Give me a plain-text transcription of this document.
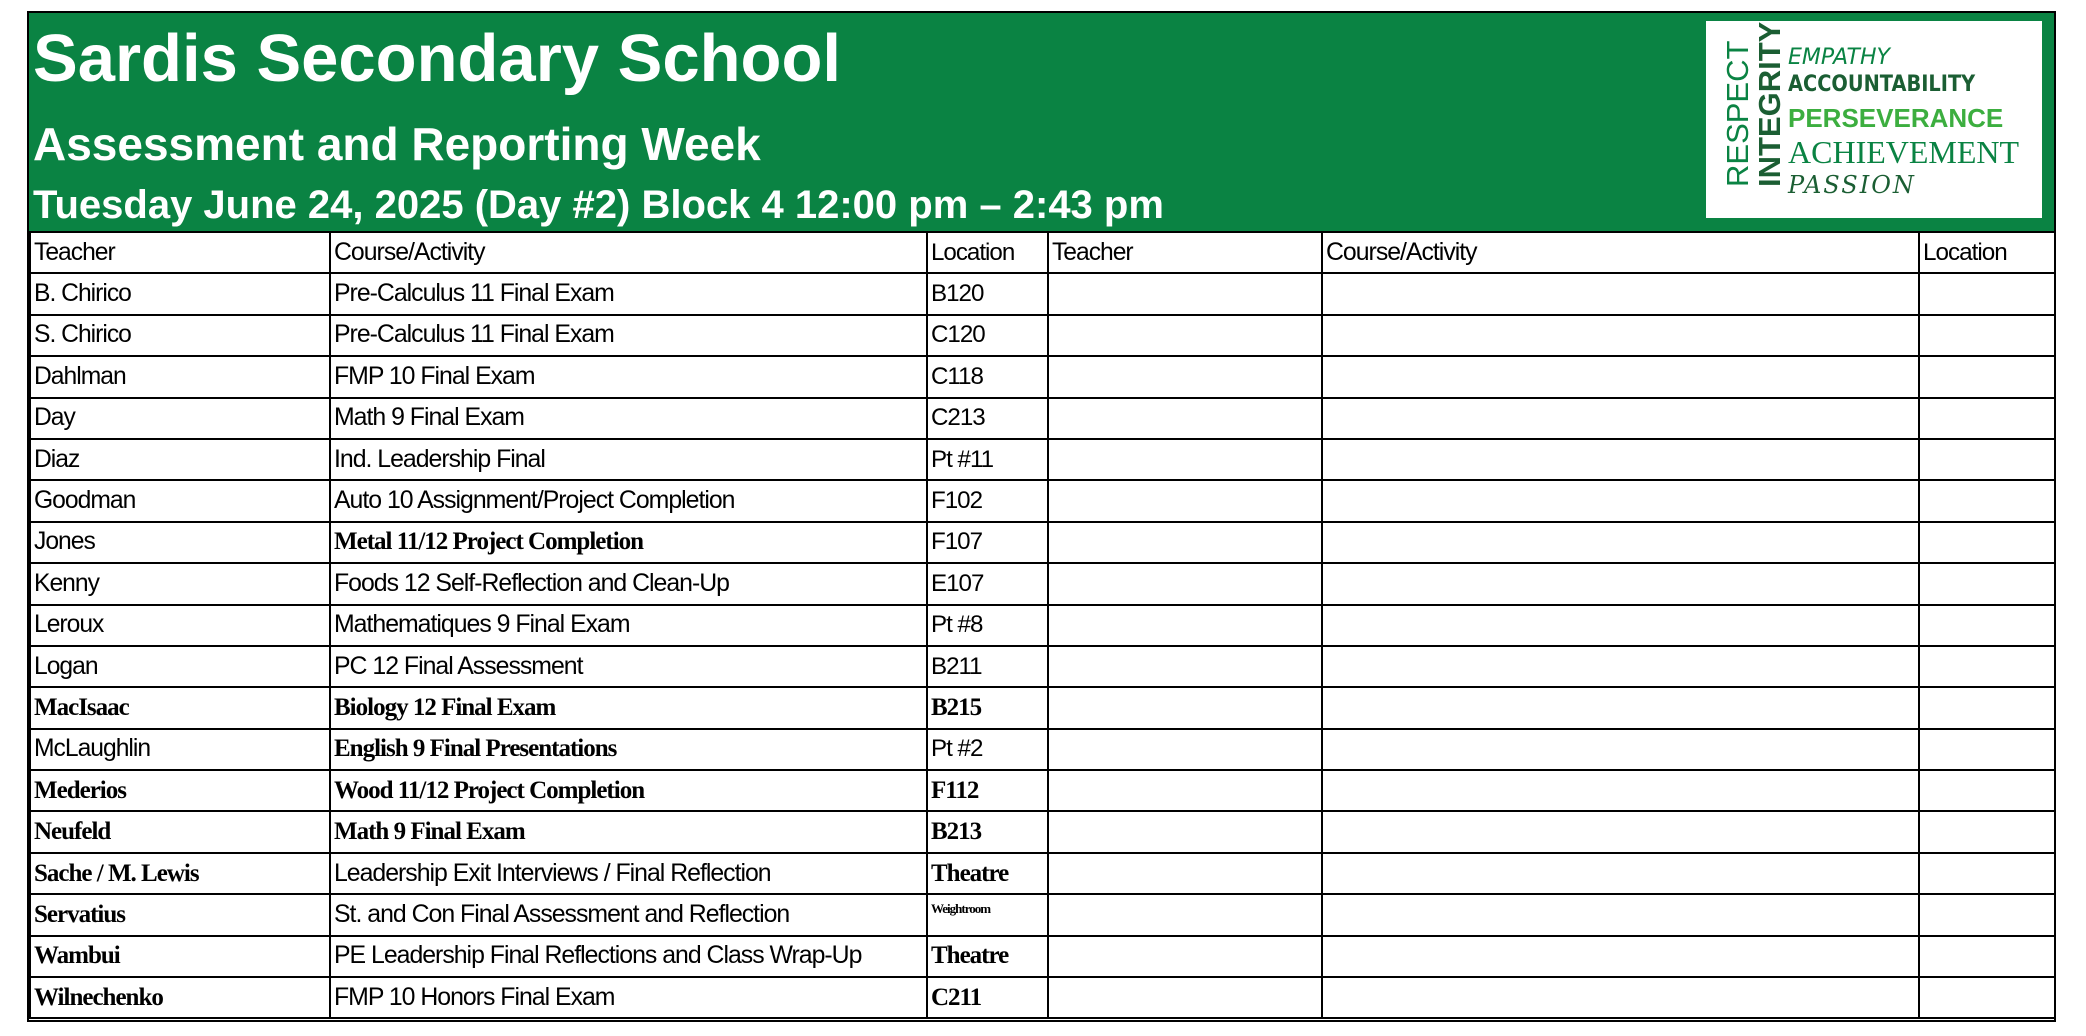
Sardis Secondary School
Assessment and Reporting Week
Tuesday June 24, 2025 (Day #2) Block 4 12:00 pm – 2:43 pm
RESPECT
INTEGRITY EMPATHY
ACCOUNTABILITY
PERSEVERANCE
ACHIEVEMENT
PASSION
Teacher	Course/Activity	Location	Teacher	Course/Activity	Location
B. Chirico	Pre-Calculus 11 Final Exam	B120			
S. Chirico	Pre-Calculus 11 Final Exam	C120			
Dahlman	FMP 10 Final Exam	C118			
Day	Math 9 Final Exam	C213			
Diaz	Ind. Leadership Final	Pt #11			
Goodman	Auto 10 Assignment/Project Completion	F102			
Jones	Metal 11/12 Project Completion	F107			
Kenny	Foods 12 Self-Reflection and Clean-Up	E107			
Leroux	Mathematiques 9 Final Exam	Pt #8			
Logan	PC 12 Final Assessment	B211			
MacIsaac	Biology 12 Final Exam	B215			
McLaughlin	English 9 Final Presentations	Pt #2			
Mederios	Wood 11/12 Project Completion	F112			
Neufeld	Math 9 Final Exam	B213			
Sache / M. Lewis	Leadership Exit Interviews / Final Reflection	Theatre			
Servatius	St. and Con Final Assessment and Reflection	Weightroom			
Wambui	PE Leadership Final Reflections and Class Wrap-Up	Theatre			
Wilnechenko	FMP 10 Honors Final Exam	C211			
